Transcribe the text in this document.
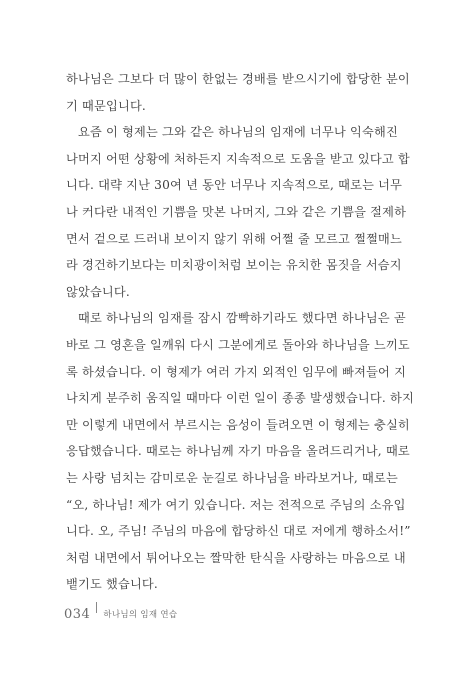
하나님은 그보다 더 많이 한없는 경배를 받으시기에 합당한 분이
기 때문입니다.
요즘 이 형제는 그와 같은 하나님의 임재에 너무나 익숙해진
나머지 어떤 상황에 처하든지 지속적으로 도움을 받고 있다고 합
니다. 대략 지난 30여 년 동안 너무나 지속적으로, 때로는 너무
나 커다란 내적인 기쁨을 맛본 나머지, 그와 같은 기쁨을 절제하
면서 겉으로 드러내 보이지 않기 위해 어쩔 줄 모르고 쩔쩔매느
라 경건하기보다는 미치광이처럼 보이는 유치한 몸짓을 서슴지
않았습니다.
때로 하나님의 임재를 잠시 깜빡하기라도 했다면 하나님은 곧
바로 그 영혼을 일깨워 다시 그분에게로 돌아와 하나님을 느끼도
록 하셨습니다. 이 형제가 여러 가지 외적인 임무에 빠져들어 지
나치게 분주히 움직일 때마다 이런 일이 종종 발생했습니다. 하지
만 이렇게 내면에서 부르시는 음성이 들려오면 이 형제는 충실히
응답했습니다. 때로는 하나님께 자기 마음을 올려드리거나, 때로
는 사랑 넘치는 감미로운 눈길로 하나님을 바라보거나, 때로는
“오, 하나님! 제가 여기 있습니다. 저는 전적으로 주님의 소유입
니다. 오, 주님! 주님의 마음에 합당하신 대로 저에게 행하소서!”
처럼 내면에서 튀어나오는 짤막한 탄식을 사랑하는 마음으로 내
뱉기도 했습니다.
034 하나님의 임재 연습
